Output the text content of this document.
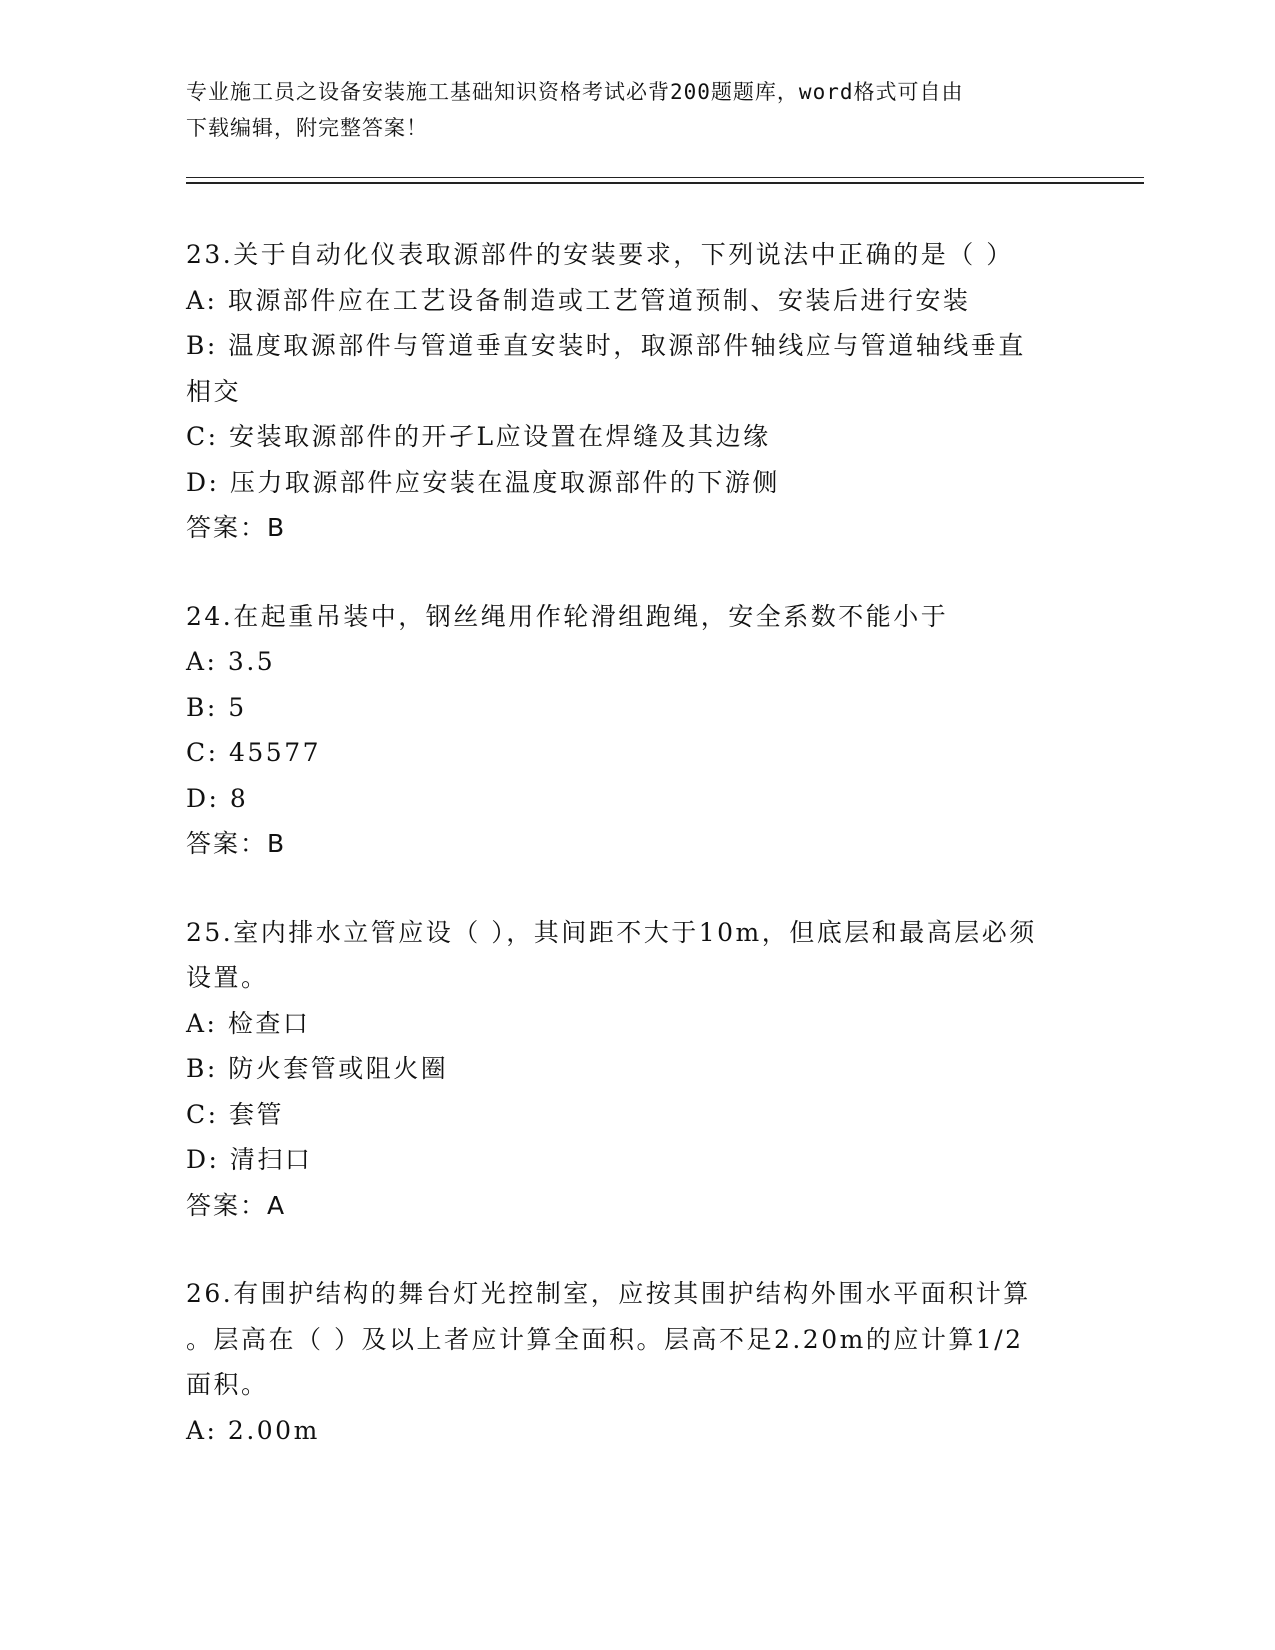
专业施工员之设备安装施工基础知识资格考试必背200题题库，word格式可自由
下载编辑，附完整答案！
23.关于自动化仪表取源部件的安装要求，下列说法中正确的是（ ）
A: 取源部件应在工艺设备制造或工艺管道预制、安装后进行安装
B: 温度取源部件与管道垂直安装时，取源部件轴线应与管道轴线垂直
相交
C: 安装取源部件的开孑L应设置在焊缝及其边缘
D: 压力取源部件应安装在温度取源部件的下游侧
答案：B
24.在起重吊装中，钢丝绳用作轮滑组跑绳，安全系数不能小于
A: 3.5
B: 5
C: 45577
D: 8
答案：B
25.室内排水立管应设（ ），其间距不大于10m，但底层和最高层必须
设置。
A: 检查口
B: 防火套管或阻火圈
C: 套管
D: 清扫口
答案：A
26.有围护结构的舞台灯光控制室，应按其围护结构外围水平面积计算
。层高在（ ）及以上者应计算全面积。层高不足2.20m的应计算1/2
面积。
A: 2.00m
